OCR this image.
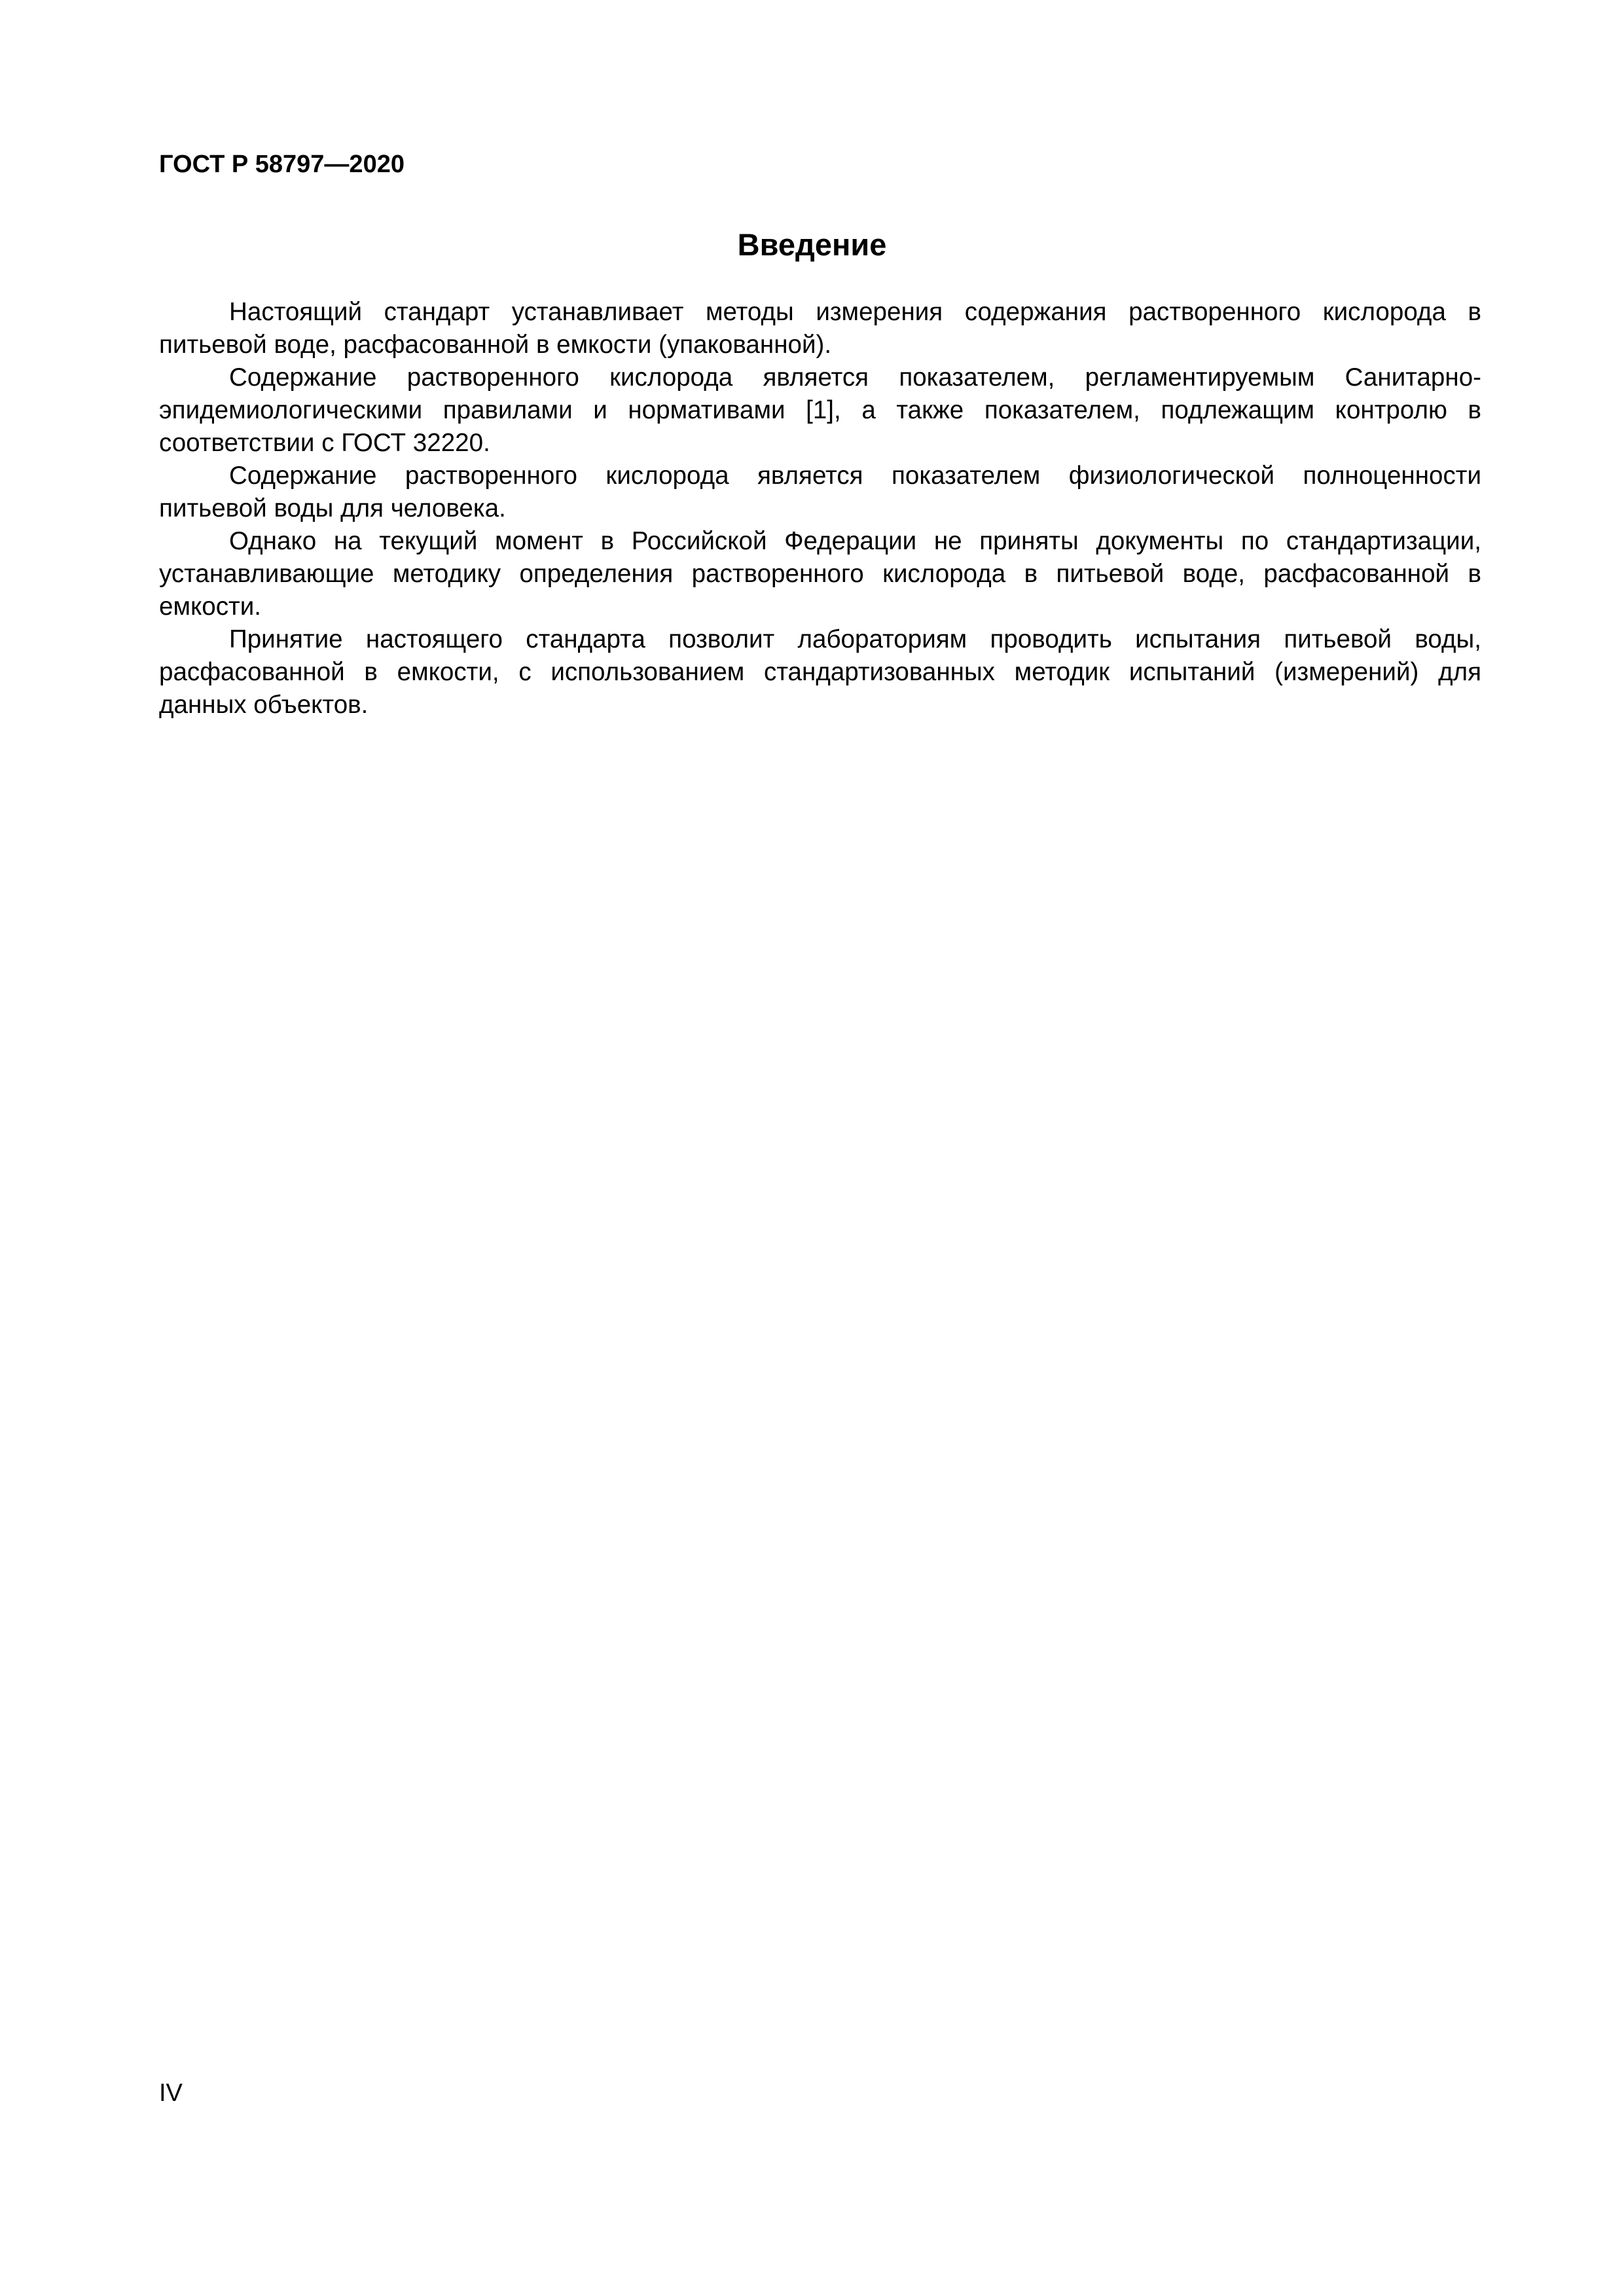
ГОСТ Р 58797—2020
Введение

Настоящий стандарт устанавливает методы измерения содержания растворенного кислорода в
питьевой воде, расфасованной в емкости (упакованной).

Содержание растворенного кислорода является показателем, регламентируемым Санитарно-
эпидемиологическими правилами и нормативами [1], а также показателем, подлежащим контролю в
соответствии с ГОСТ 32220.

Содержание растворенного кислорода является показателем физиологической полноценности
питьевой воды для человека.

Однако на текущий момент в Российской Федерации не приняты документы по стандартизации,
устанавливающие методику определения растворенного кислорода в питьевой воде, расфасованной в
емкости.

Принятие настоящего стандарта позволит лабораториям проводить испытания питьевой воды,
расфасованной в емкости, с использованием стандартизованных методик испытаний (измерений) для
данных объектов.

IV
